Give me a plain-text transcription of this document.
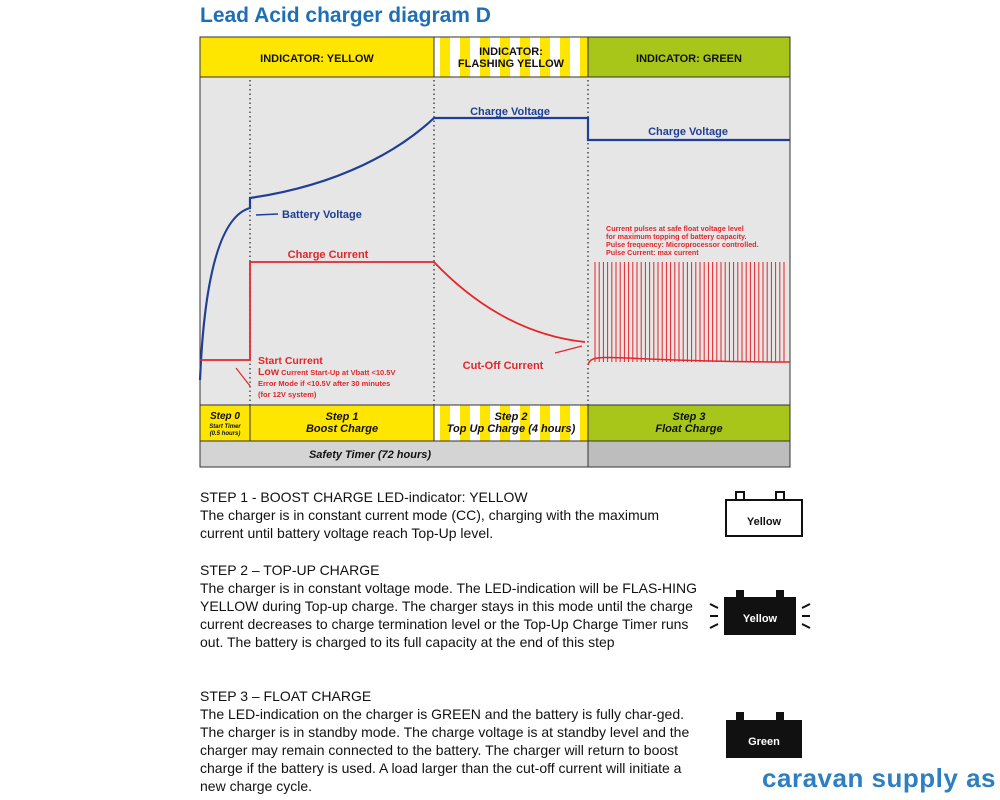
Lead Acid charger diagram D
INDICATOR: YELLOW
INDICATOR:
FLASHING YELLOW	INDICATOR: GREEN
Charge Voltage
Charge Voltage
Battery Voltage
Charge Current
Cut-Off Current
Start Current
Low Current Start-Up at Vbatt <10.5V
Error Mode if <10.5V after 30 minutes
(for 12V system)
Current pulses at safe float voltage level
for maximum topping of battery capacity.
Pulse frequency: Microprocessor controlled.
Pulse Current: max current
Step 0
Start Timer
(0.5 hours)
Step 1
Boost Charge
Step 2
Top Up Charge (4 hours)
Step 3
Float Charge
Safety Timer (72 hours)
STEP 1 - BOOST CHARGE LED-indicator: YELLOW
The charger is in constant current mode (CC), charging with the maximum current until battery voltage reach Top-Up level.
STEP 2 – TOP-UP CHARGE
The charger is in constant voltage mode. The LED-indication will be FLAS-HING YELLOW during Top-up charge. The charger stays in this mode until the charge current decreases to charge termination level or the Top-Up Charge Timer runs out. The battery is charged to its full capacity at the end of this step
STEP 3 – FLOAT CHARGE
The LED-indication on the charger is GREEN and the battery is fully char-ged. The charger is in standby mode. The charge voltage is at standby level and the charger may remain connected to the battery. The charger will return to boost charge if the battery is used. A load larger than the cut-off current will initiate a new charge cycle.
Yellow
Yellow
Green
caravan supply as
